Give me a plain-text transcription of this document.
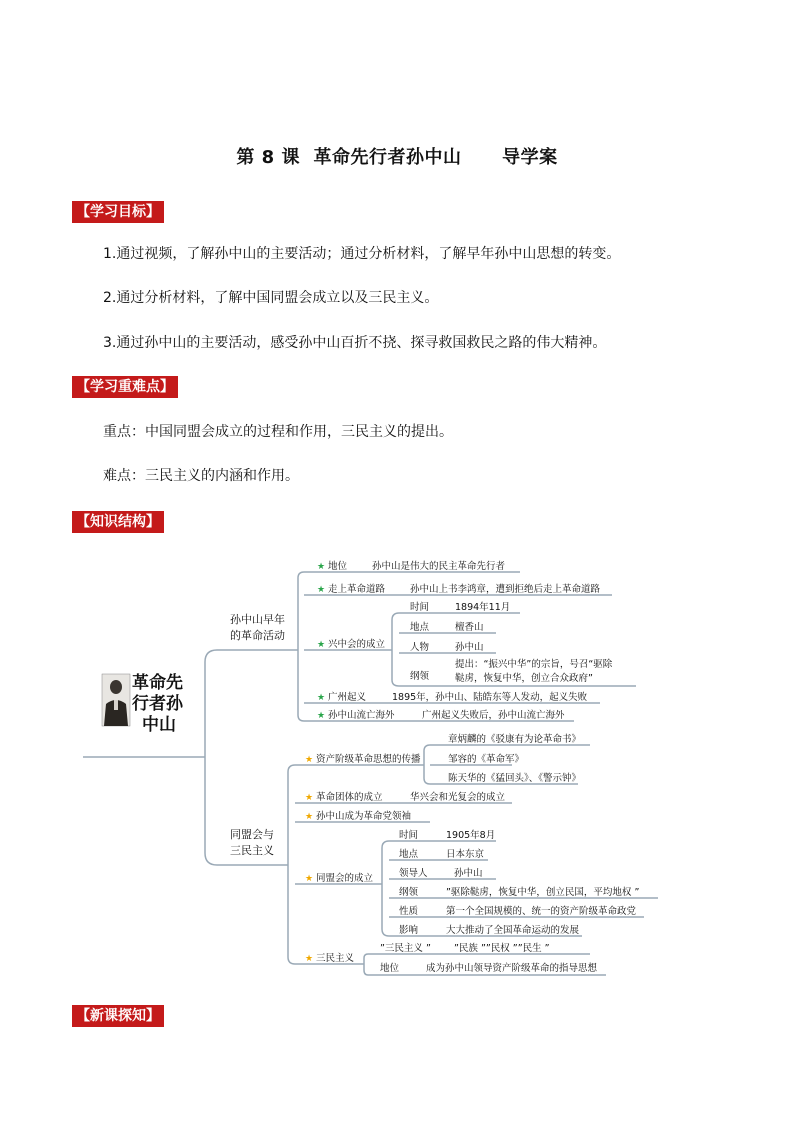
第 8 课  革命先行者孙中山      导学案
【学习目标】
1.通过视频，了解孙中山的主要活动；通过分析材料，了解早年孙中山思想的转变。
2.通过分析材料，了解中国同盟会成立以及三民主义。
3.通过孙中山的主要活动，感受孙中山百折不挠、探寻救国救民之路的伟大精神。
【学习重难点】
重点：中国同盟会成立的过程和作用，三民主义的提出。
难点：三民主义的内涵和作用。
【知识结构】
革命先
行者孙
中山
孙中山早年
的革命活动
同盟会与
三民主义
★
★
★
★
★
地位	孙中山是伟大的民主革命先行者
走上革命道路	孙中山上书李鸿章，遭到拒绝后走上革命道路
兴中会的成立
时间	1894年11月
地点	檀香山
人物	孙中山
纲领
提出：“振兴中华”的宗旨，号召“驱除
鞑虏，恢复中华，创立合众政府”
广州起义	1895年，孙中山、陆皓东等人发动，起义失败
孙中山流亡海外	广州起义失败后，孙中山流亡海外
★
★
★
★
★
资产阶级革命思想的传播
章炳麟的《驳康有为论革命书》
邹容的《革命军》
陈天华的《猛回头》、《警示钟》
革命团体的成立	华兴会和光复会的成立
孙中山成为革命党领袖
同盟会的成立
时间	1905年8月
地点	日本东京
领导人	孙中山
纲领	”驱除鞑虏，恢复中华，创立民国，平均地权 ”
性质	第一个全国规模的、统一的资产阶级革命政党
影响	大大推动了全国革命运动的发展
三民主义
”三民主义 ” ”民族 ””民权 ””民生 ”
地位	成为孙中山领导资产阶级革命的指导思想
【新课探知】
